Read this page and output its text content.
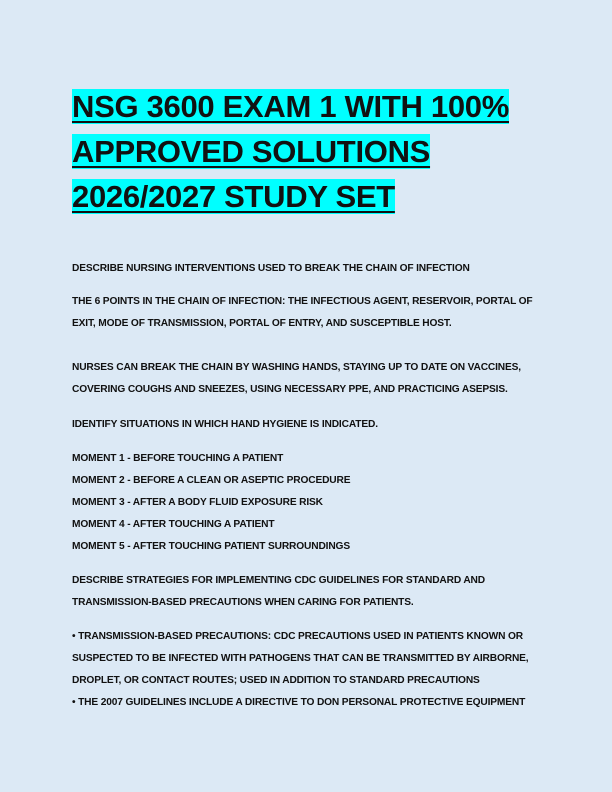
NSG 3600 EXAM 1 WITH 100%
APPROVED SOLUTIONS
2026/2027 STUDY SET

DESCRIBE NURSING INTERVENTIONS USED TO BREAK THE CHAIN OF INFECTION

THE 6 POINTS IN THE CHAIN OF INFECTION: THE INFECTIOUS AGENT, RESERVOIR, PORTAL OF

EXIT, MODE OF TRANSMISSION, PORTAL OF ENTRY, AND SUSCEPTIBLE HOST.

NURSES CAN BREAK THE CHAIN BY WASHING HANDS, STAYING UP TO DATE ON VACCINES,

COVERING COUGHS AND SNEEZES, USING NECESSARY PPE, AND PRACTICING ASEPSIS.

IDENTIFY SITUATIONS IN WHICH HAND HYGIENE IS INDICATED.

MOMENT 1 - BEFORE TOUCHING A PATIENT

MOMENT 2 - BEFORE A CLEAN OR ASEPTIC PROCEDURE

MOMENT 3 - AFTER A BODY FLUID EXPOSURE RISK

MOMENT 4 - AFTER TOUCHING A PATIENT

MOMENT 5 - AFTER TOUCHING PATIENT SURROUNDINGS

DESCRIBE STRATEGIES FOR IMPLEMENTING CDC GUIDELINES FOR STANDARD AND

TRANSMISSION-BASED PRECAUTIONS WHEN CARING FOR PATIENTS.

• TRANSMISSION-BASED PRECAUTIONS: CDC PRECAUTIONS USED IN PATIENTS KNOWN OR

SUSPECTED TO BE INFECTED WITH PATHOGENS THAT CAN BE TRANSMITTED BY AIRBORNE,

DROPLET, OR CONTACT ROUTES; USED IN ADDITION TO STANDARD PRECAUTIONS

• THE 2007 GUIDELINES INCLUDE A DIRECTIVE TO DON PERSONAL PROTECTIVE EQUIPMENT
